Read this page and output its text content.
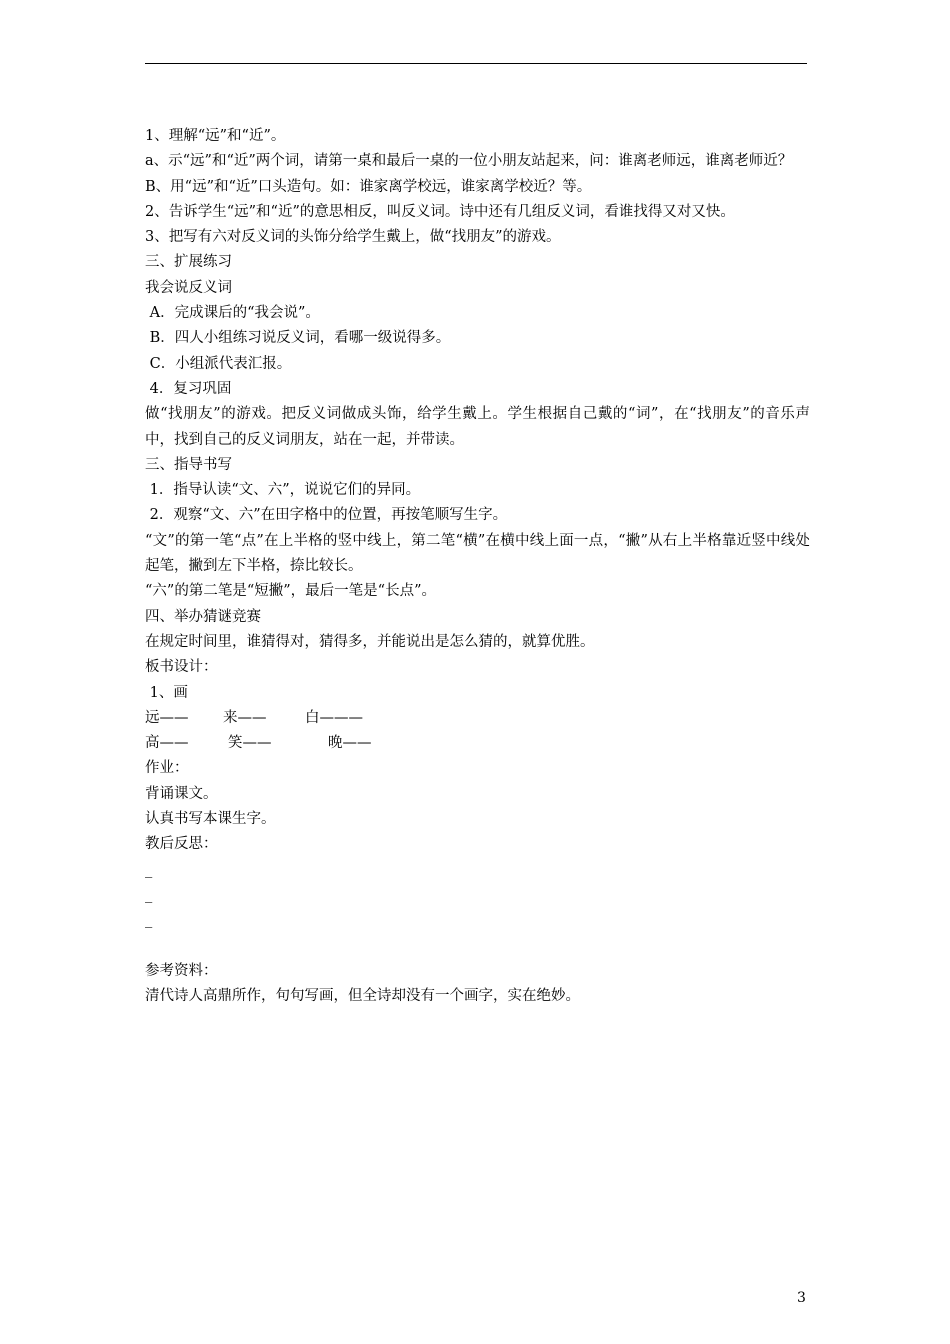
1、理解“远”和“近”。
a、示“远”和“近”两个词，请第一桌和最后一桌的一位小朋友站起来，问：谁离老师远，谁离老师近？
B、用“远”和“近”口头造句。如：谁家离学校远，谁家离学校近？等。
2、告诉学生“远”和“近”的意思相反，叫反义词。诗中还有几组反义词，看谁找得又对又快。
3、把写有六对反义词的头饰分给学生戴上，做“找朋友”的游戏。
三、扩展练习
我会说反义词
A．完成课后的“我会说”。
B．四人小组练习说反义词，看哪一级说得多。
C．小组派代表汇报。
4．复习巩固
做“找朋友”的游戏。把反义词做成头饰，给学生戴上。学生根据自己戴的“词”，在“找朋友”的音乐声中，找到自己的反义词朋友，站在一起，并带读。
三、指导书写
1．指导认读“文、六”，说说它们的异同。
2．观察“文、六”在田字格中的位置，再按笔顺写生字。
“文”的第一笔“点”在上半格的竖中线上，第二笔“横”在横中线上面一点，“撇”从右上半格靠近竖中线处起笔，撇到左下半格，捺比较长。
“六”的第二笔是“短撇”，最后一笔是“长点”。
四、举办猜谜竞赛
在规定时间里，谁猜得对，猜得多，并能说出是怎么猜的，就算优胜。
板书设计：
1、画
远——	来——	白———
高——	笑——	晚——
作业：
背诵课文。
认真书写本课生字。
教后反思：
_
_
_
参考资料：
清代诗人高鼎所作，句句写画，但全诗却没有一个画字，实在绝妙。
3
